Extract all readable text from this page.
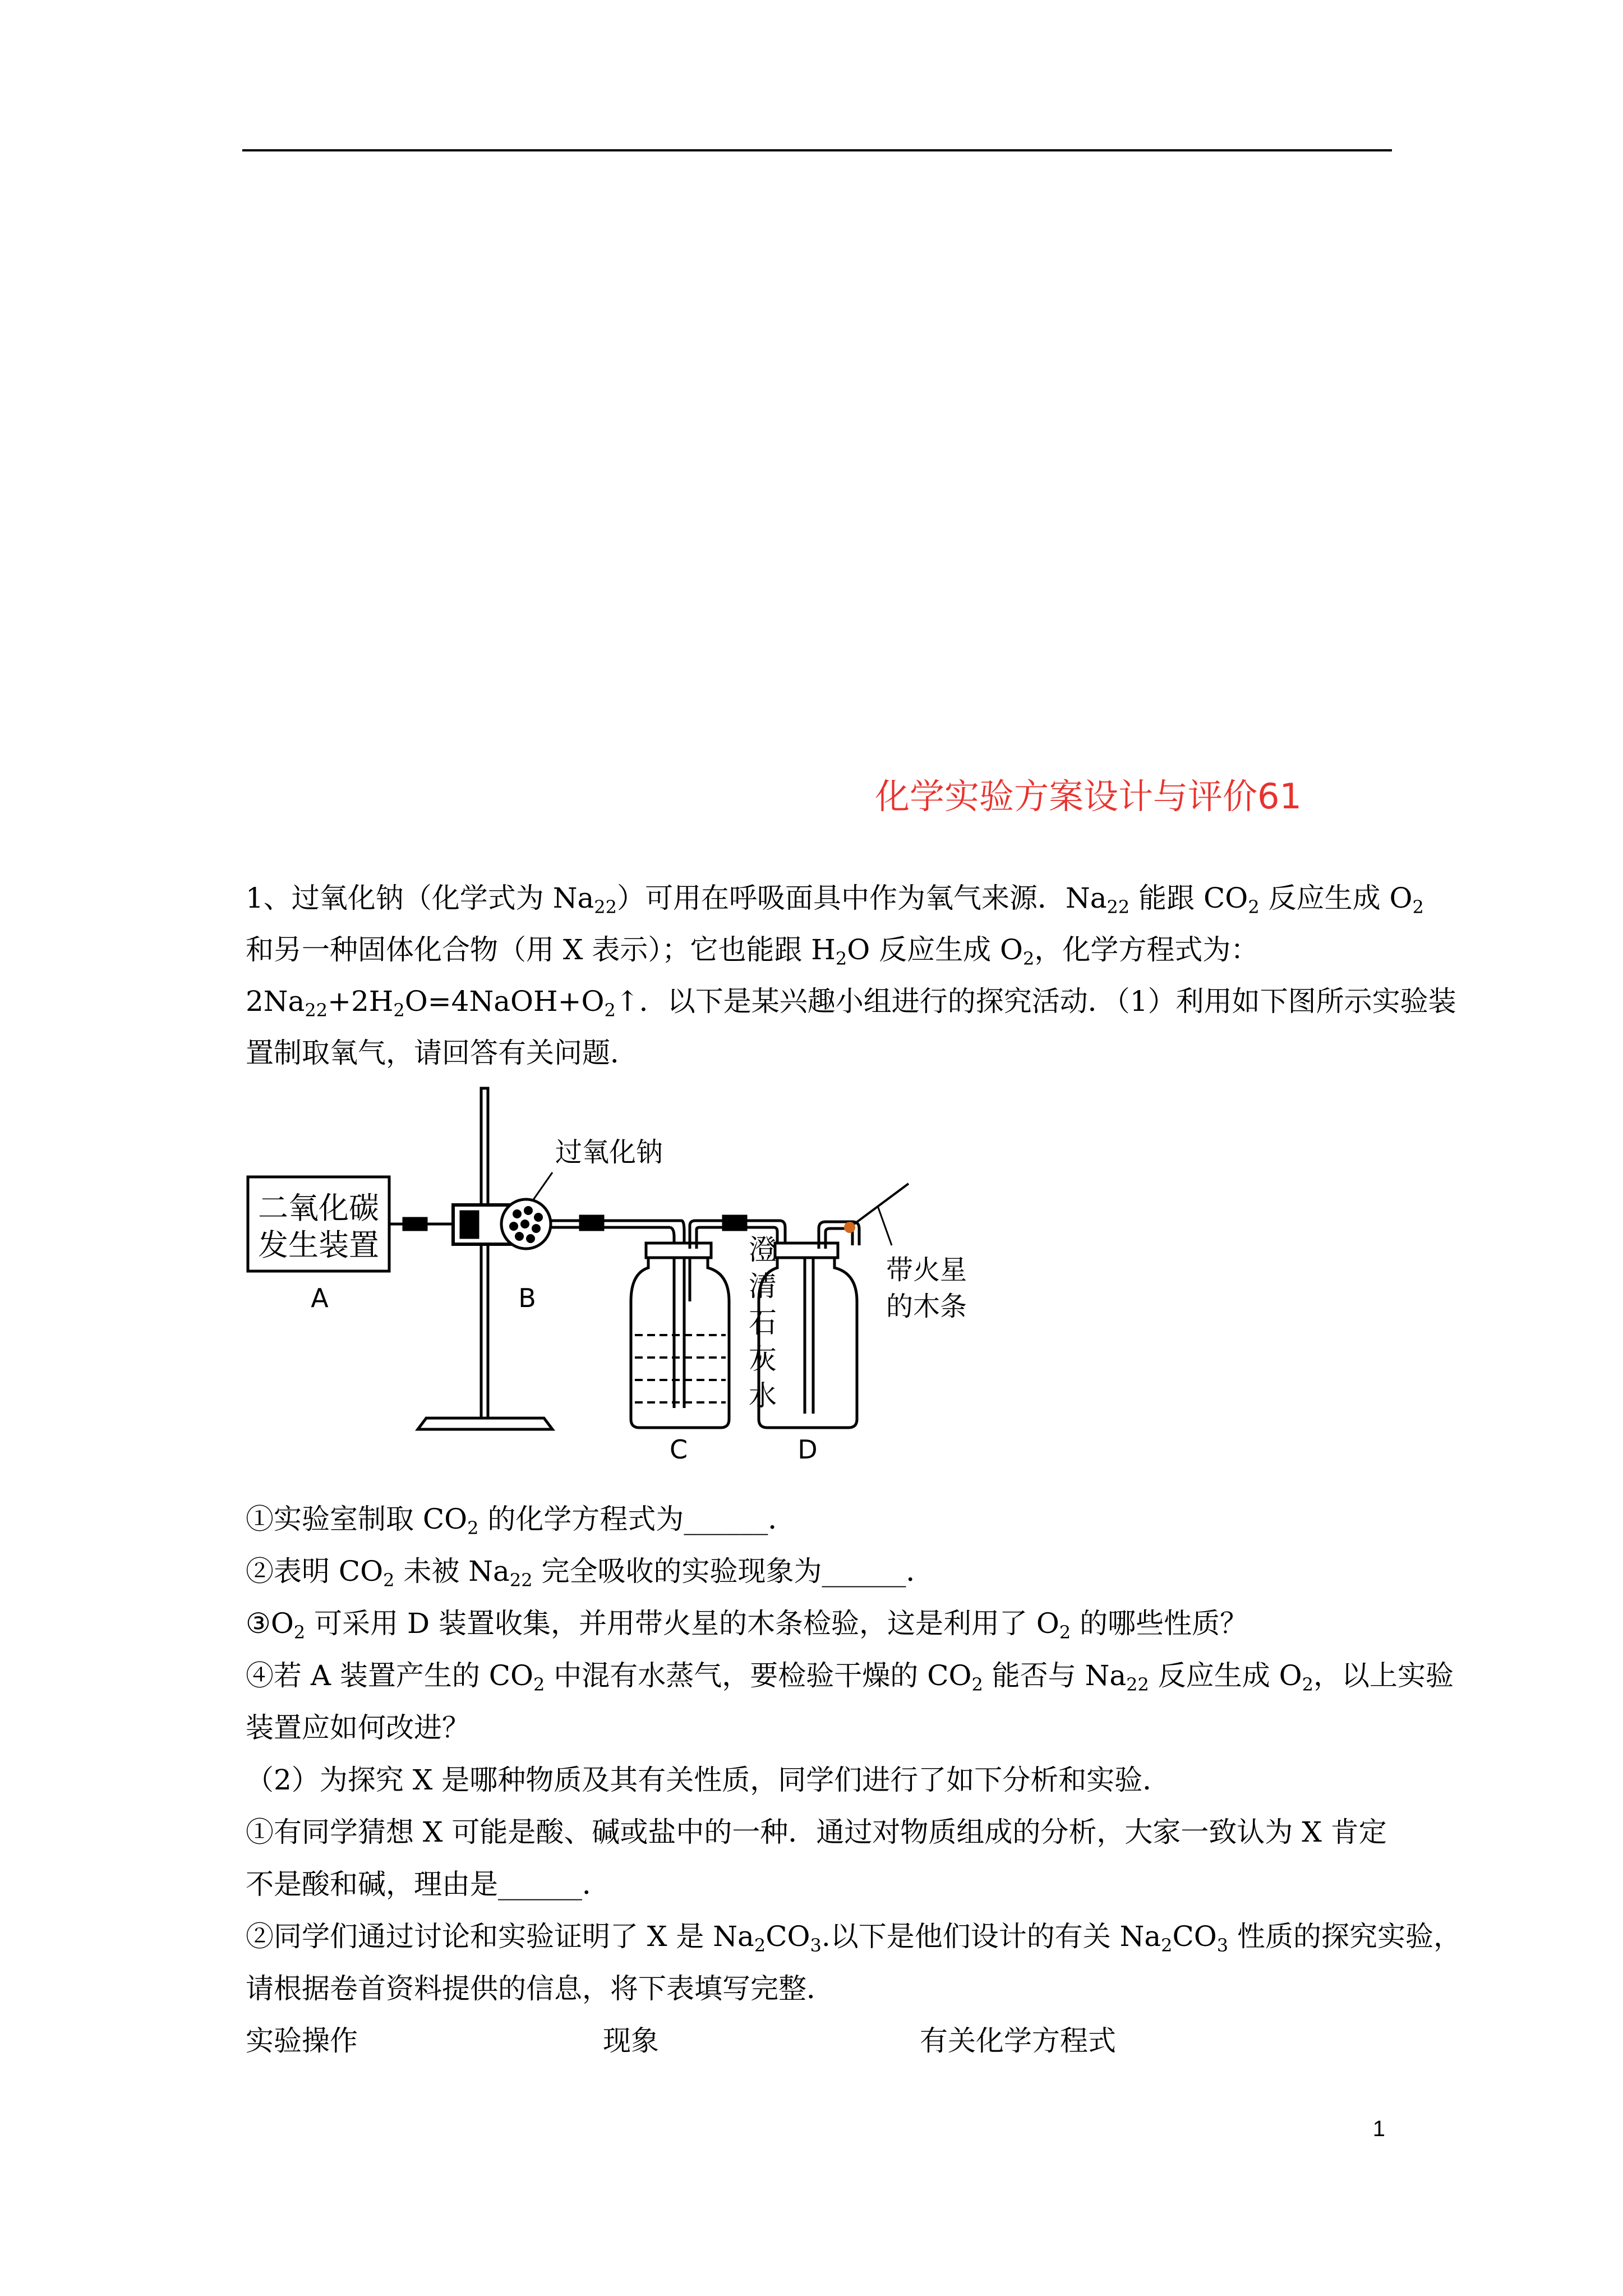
化学实验方案设计与评价61
1、过氧化钠（化学式为 $Na_{22}$）可用在呼吸面具中作为氧气来源．$Na_{22}$ 能跟 $CO_2$ 反应生成 $O_2$
和另一种固体化合物（用 X 表示）；它也能跟 $H_2O$ 反应生成 $O_2$，化学方程式为：
$2Na_{22}+2H_2O=4NaOH+O_2↑$．以下是某兴趣小组进行的探究活动．（1）利用如下图所示实验装
置制取氧气，请回答有关问题．
二氧化碳
发生装置
A	B
C	D
过氧化钠
澄
清
石
灰
水
带火星
的木条
①实验室制取 $CO_2$ 的化学方程式为______．
②表明 $CO_2$ 未被 $Na_{22}$ 完全吸收的实验现象为______．
$③O_2$ 可采用 D 装置收集，并用带火星的木条检验，这是利用了 $O_2$ 的哪些性质？
④若 A 装置产生的 $CO_2$ 中混有水蒸气，要检验干燥的 $CO_2$ 能否与 $Na_{22}$ 反应生成 $O_2$，以上实验
装置应如何改进？
（2）为探究 X 是哪种物质及其有关性质，同学们进行了如下分析和实验．
①有同学猜想 X 可能是酸、碱或盐中的一种．通过对物质组成的分析，大家一致认为 X 肯定
不是酸和碱，理由是______．
②同学们通过讨论和实验证明了 X 是 $Na_2CO_3$.以下是他们设计的有关 $Na_2CO_3$ 性质的探究实验，
请根据卷首资料提供的信息，将下表填写完整．
实验操作	现象	有关化学方程式
1
